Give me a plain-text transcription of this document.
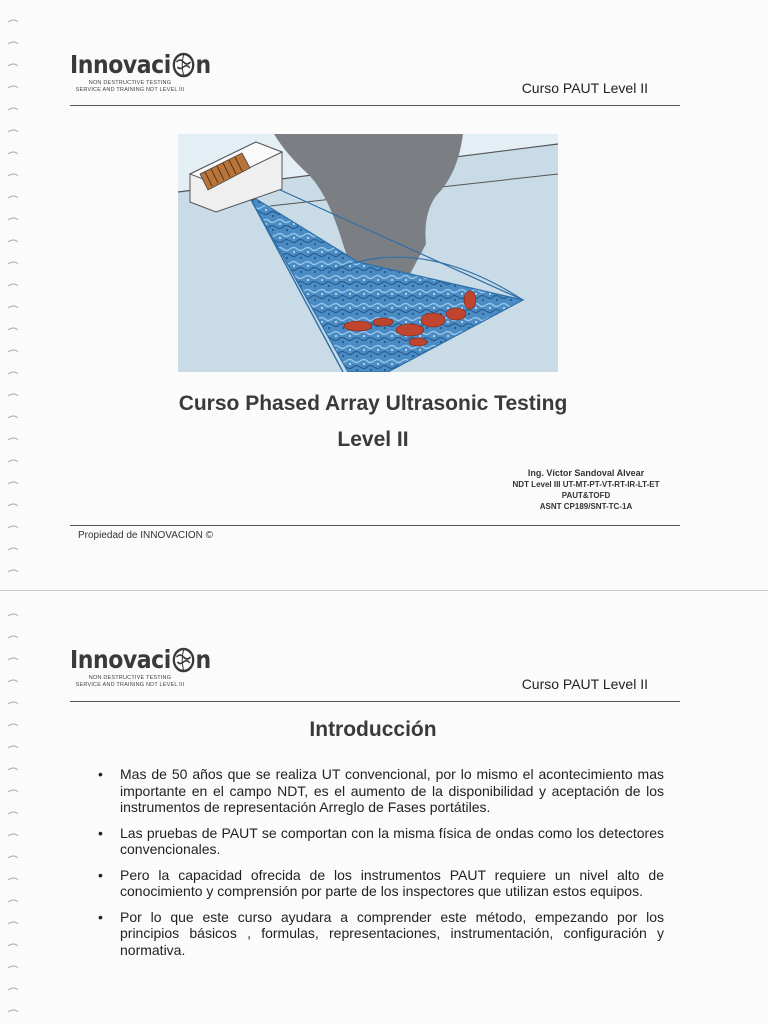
Innovaci n
NON DESTRUCTIVE TESTING
SERVICE AND TRAINING NDT LEVEL III	Curso PAUT Level II
Curso Phased Array Ultrasonic Testing
Level II
Ing. Víctor Sandoval Alvear
NDT Level III UT-MT-PT-VT-RT-IR-LT-ET
PAUT&TOFD
ASNT CP189/SNT-TC-1A
Propiedad de INNOVACION ©
Innovaci n
NON DESTRUCTIVE TESTING
SERVICE AND TRAINING NDT LEVEL III	Curso PAUT Level II
Introducción
• Mas de 50 años que se realiza UT convencional, por lo mismo el acontecimiento mas importante en el campo NDT, es el aumento de la disponibilidad y aceptación de los instrumentos de representación Arreglo de Fases portátiles.
• Las pruebas de PAUT se comportan con la misma física de ondas como los detectores convencionales.
• Pero la capacidad ofrecida de los instrumentos PAUT requiere un nivel alto de conocimiento y comprensión por parte de los inspectores que utilizan estos equipos.
• Por lo que este curso ayudara a comprender este método, empezando por los principios básicos , formulas, representaciones, instrumentación, configuración y normativa.
